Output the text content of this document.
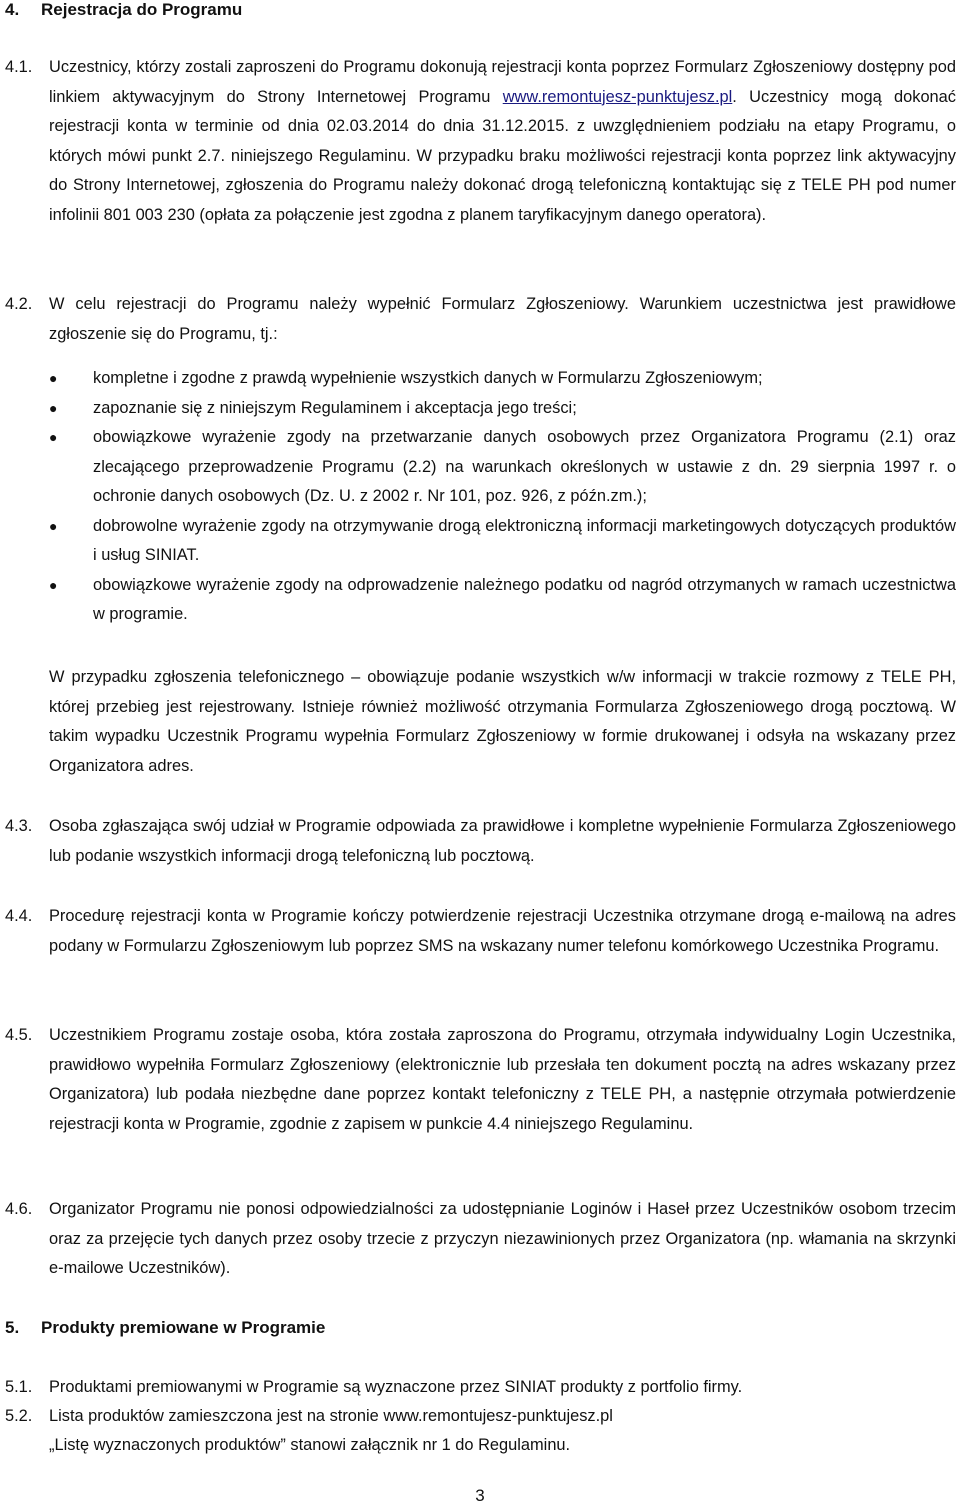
4. Rejestracja do Programu
4.1. Uczestnicy, którzy zostali zaproszeni do Programu dokonują rejestracji konta poprzez Formularz Zgłoszeniowy dostępny pod linkiem aktywacyjnym do Strony Internetowej Programu www.remontujesz-punktujesz.pl. Uczestnicy mogą dokonać rejestracji konta w terminie od dnia 02.03.2014 do dnia 31.12.2015. z uwzględnieniem podziału na etapy Programu, o których mówi punkt 2.7. niniejszego Regulaminu. W przypadku braku możliwości rejestracji konta poprzez link aktywacyjny do Strony Internetowej, zgłoszenia do Programu należy dokonać drogą telefoniczną kontaktując się z TELE PH pod numer infolinii 801 003 230 (opłata za połączenie jest zgodna z planem taryfikacyjnym danego operatora).
4.2. W celu rejestracji do Programu należy wypełnić Formularz Zgłoszeniowy. Warunkiem uczestnictwa jest prawidłowe zgłoszenie się do Programu, tj.:
● kompletne i zgodne z prawdą wypełnienie wszystkich danych w Formularzu Zgłoszeniowym;
● zapoznanie się z niniejszym Regulaminem i akceptacja jego treści;
● obowiązkowe wyrażenie zgody na przetwarzanie danych osobowych przez Organizatora Programu (2.1) oraz zlecającego przeprowadzenie Programu (2.2) na warunkach określonych w ustawie z dn. 29 sierpnia 1997 r. o ochronie danych osobowych (Dz. U. z 2002 r. Nr 101, poz. 926, z późn.zm.);
● dobrowolne wyrażenie zgody na otrzymywanie drogą elektroniczną informacji marketingowych dotyczących produktów i usług SINIAT.
● obowiązkowe wyrażenie zgody na odprowadzenie należnego podatku od nagród otrzymanych w ramach uczestnictwa w programie.
W przypadku zgłoszenia telefonicznego – obowiązuje podanie wszystkich w/w informacji w trakcie rozmowy z TELE PH, której przebieg jest rejestrowany. Istnieje również możliwość otrzymania Formularza Zgłoszeniowego drogą pocztową. W takim wypadku Uczestnik Programu wypełnia Formularz Zgłoszeniowy w formie drukowanej i odsyła na wskazany przez Organizatora adres.
4.3. Osoba zgłaszająca swój udział w Programie odpowiada za prawidłowe i kompletne wypełnienie Formularza Zgłoszeniowego lub podanie wszystkich informacji drogą telefoniczną lub pocztową.
4.4. Procedurę rejestracji konta w Programie kończy potwierdzenie rejestracji Uczestnika otrzymane drogą e-mailową na adres podany w Formularzu Zgłoszeniowym lub poprzez SMS na wskazany numer telefonu komórkowego Uczestnika Programu.
4.5. Uczestnikiem Programu zostaje osoba, która została zaproszona do Programu, otrzymała indywidualny Login Uczestnika, prawidłowo wypełniła Formularz Zgłoszeniowy (elektronicznie lub przesłała ten dokument pocztą na adres wskazany przez Organizatora) lub podała niezbędne dane poprzez kontakt telefoniczny z TELE PH, a następnie otrzymała potwierdzenie rejestracji konta w Programie, zgodnie z zapisem w punkcie 4.4 niniejszego Regulaminu.
4.6. Organizator Programu nie ponosi odpowiedzialności za udostępnianie Loginów i Haseł przez Uczestników osobom trzecim oraz za przejęcie tych danych przez osoby trzecie z przyczyn niezawinionych przez Organizatora (np. włamania na skrzynki e-mailowe Uczestników).
5. Produkty premiowane w Programie
5.1. Produktami premiowanymi w Programie są wyznaczone przez SINIAT produkty z portfolio firmy.
5.2. Lista produktów zamieszczona jest na stronie www.remontujesz-punktujesz.pl
„Listę wyznaczonych produktów” stanowi załącznik nr 1 do Regulaminu.
3
